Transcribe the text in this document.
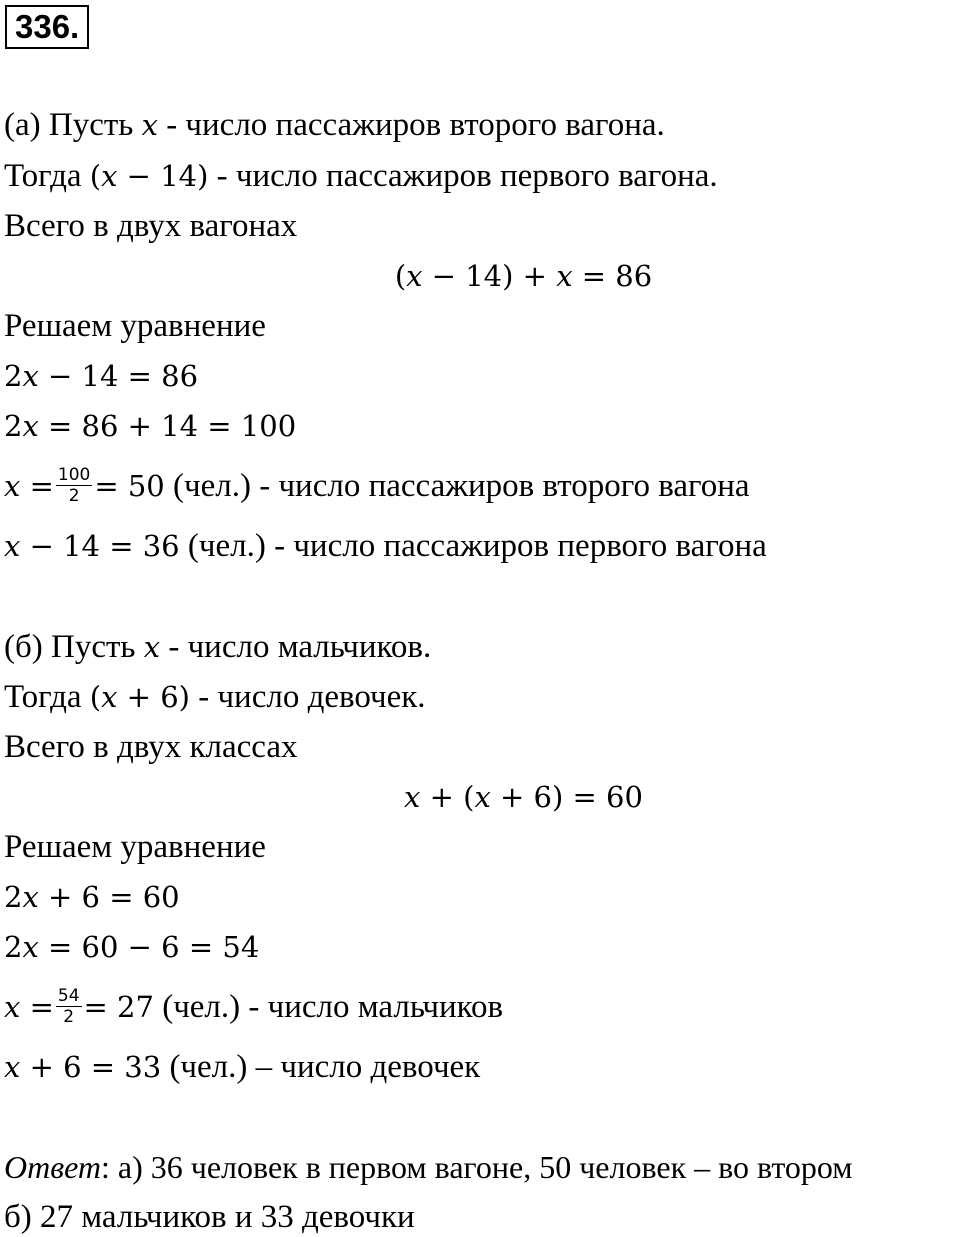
336.
(а) Пусть x - число пассажиров второго вагона.
Тогда (x − 14) - число пассажиров первого вагона.
Всего в двух вагонах
(x − 14) + x = 86
Решаем уравнение
2x − 14 = 86
2x = 86 + 14 = 100
$x = \frac{100}{2} = 50$ (чел.) - число пассажиров второго вагона
x − 14 = 36 (чел.) - число пассажиров первого вагона
(б) Пусть x - число мальчиков.
Тогда (x + 6) - число девочек.
Всего в двух классах
x + (x + 6) = 60
Решаем уравнение
2x + 6 = 60
2x = 60 − 6 = 54
$x = \frac{54}{2} = 27$ (чел.) - число мальчиков
x + 6 = 33 (чел.) – число девочек
Ответ: а) 36 человек в первом вагоне, 50 человек – во втором
б) 27 мальчиков и 33 девочки
